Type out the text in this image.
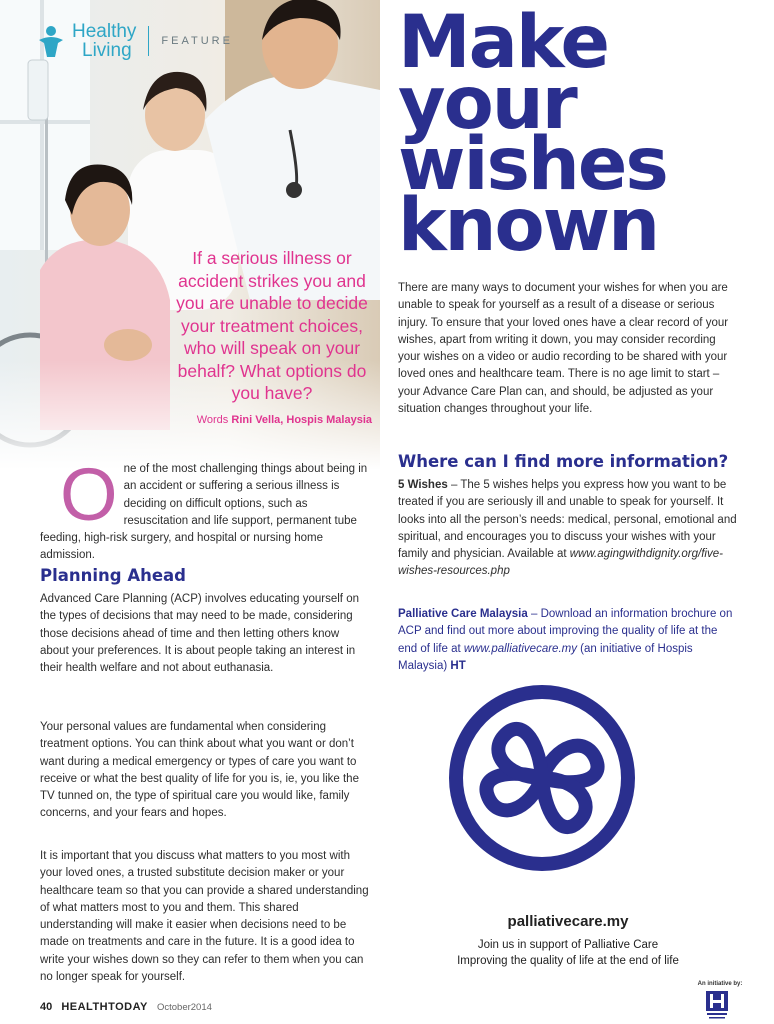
Healthy
Living	FEATURE

If a serious illness or accident strikes you and you are unable to decide your treatment choices, who will speak on your behalf? What options do you have?

Words Rini Vella, Hospis Malaysia

Make
your
wishes
known

There are many ways to document your wishes for when you are unable to speak for yourself as a result of a disease or serious injury. To ensure that your loved ones have a clear record of your wishes, apart from writing it down, you may consider recording your wishes on a video or audio recording to be shared with your loved ones and healthcare team. There is no age limit to start – your Advance Care Plan can, and should, be adjusted as your situation changes throughout your life.

O ne of the most challenging things about being in an accident or suffering a serious illness is deciding on difficult options, such as resuscitation and life support, permanent tube feeding, high-risk surgery, and hospital or nursing home admission.
Planning Ahead

Advanced Care Planning (ACP) involves educating yourself on the types of decisions that may need to be made, considering those decisions ahead of time and then letting others know about your preferences. It is about people taking an interest in their health welfare and not about euthanasia.

Your personal values are fundamental when considering treatment options. You can think about what you want or don’t want during a medical emergency or types of care you want to receive or what the best quality of life for you is, ie, you like the TV tunned on, the type of spiritual care you would like, family concerns, and your fears and hopes.

It is important that you discuss what matters to you most with your loved ones, a trusted substitute decision maker or your healthcare team so that you can provide a shared understanding of what matters most to you and them. This shared understanding will make it easier when decisions need to be made on treatments and care in the future. It is a good idea to write your wishes down so they can refer to them when you can no longer speak for yourself.

Where can I find more information?

5 Wishes – The 5 wishes helps you express how you want to be treated if you are seriously ill and unable to speak for yourself. It looks into all the person’s needs: medical, personal, emotional and spiritual, and encourages you to discuss your wishes with your family and physician. Available at www.agingwithdignity.org/five-wishes-resources.php

Palliative Care Malaysia – Download an information brochure on ACP and find out more about improving the quality of life at the end of life at www.palliativecare.my (an initiative of Hospis Malaysia) HT

palliativecare.my
Join us in support of Palliative Care
Improving the quality of life at the end of life
An initiative by:
40 HEALTHTODAY October2014
